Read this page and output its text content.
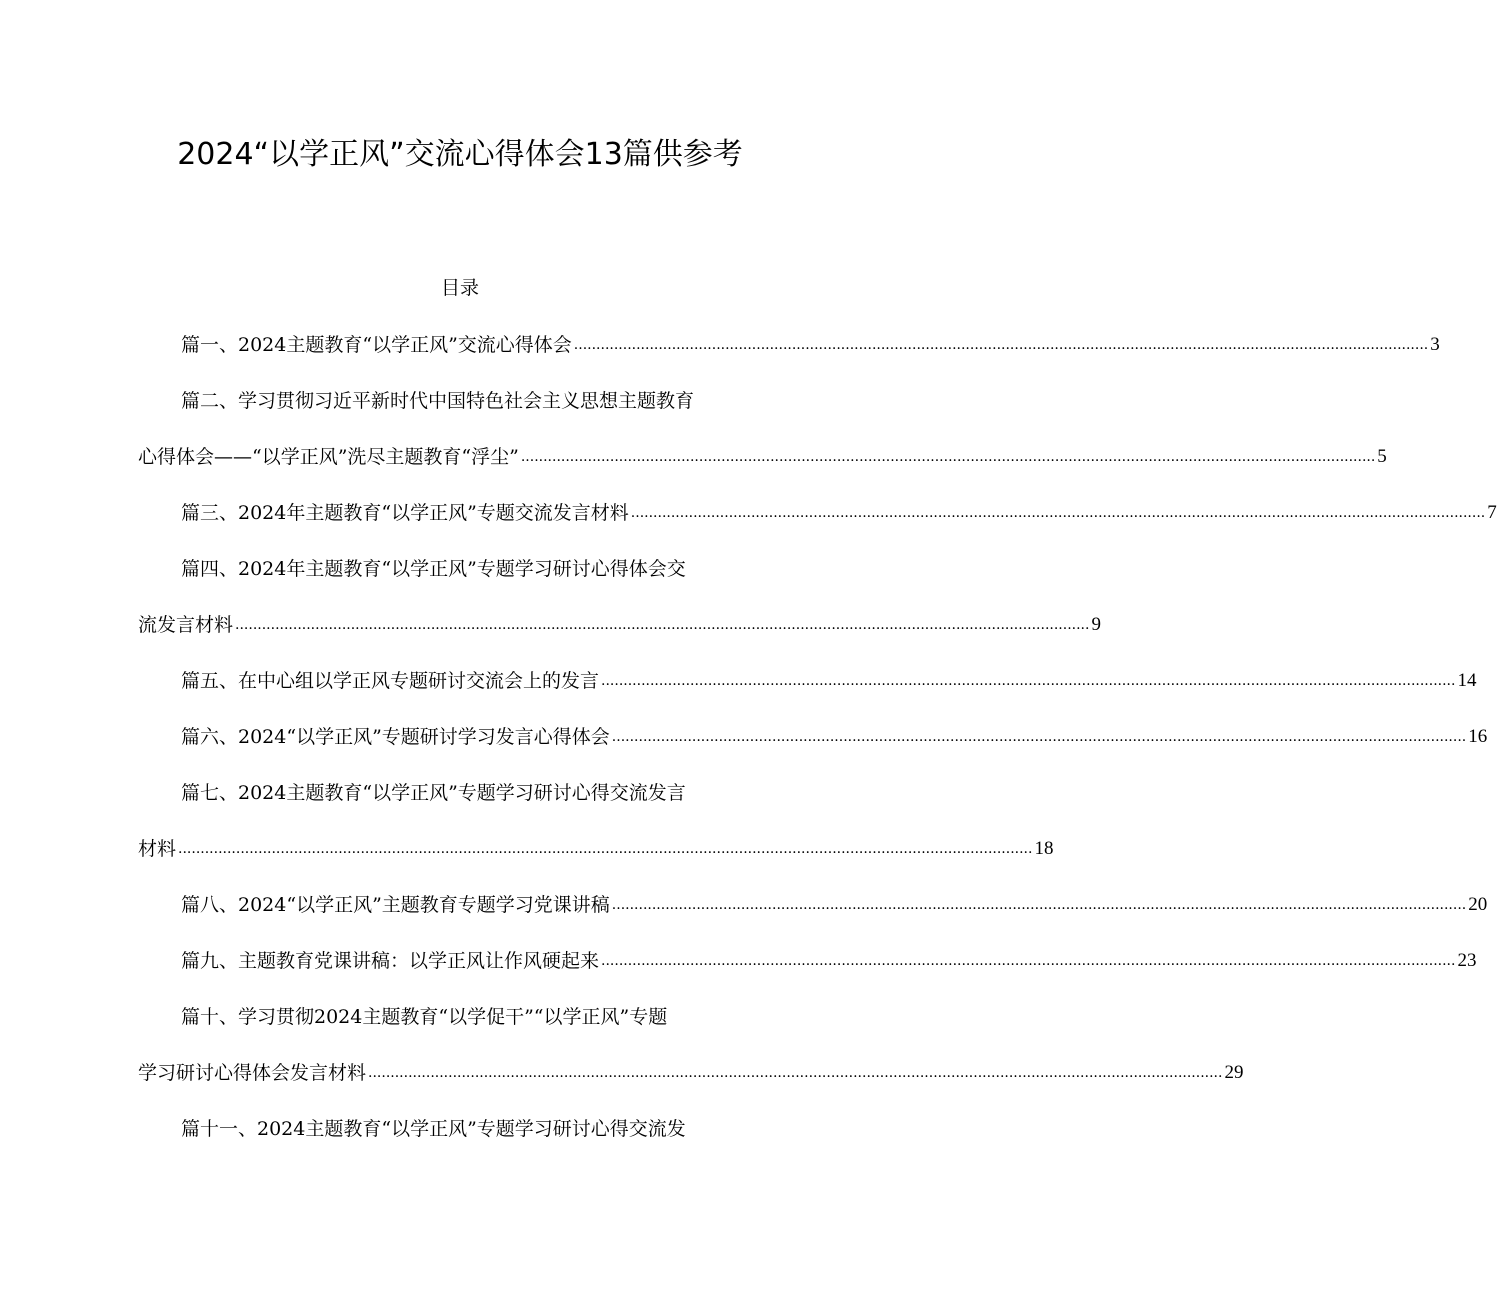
2024“以学正风”交流心得体会13篇供参考
目录
篇一、2024主题教育“以学正风”交流心得体会 ................................................................................................................................................................................................ 3
篇二、学习贯彻习近平新时代中国特色社会主义思想主题教育
心得体会——“以学正风”洗尽主题教育“浮尘” ................................................................................................................................................................................................ 5
篇三、2024年主题教育“以学正风”专题交流发言材料 ................................................................................................................................................................................................ 7
篇四、2024年主题教育“以学正风”专题学习研讨心得体会交
流发言材料 ................................................................................................................................................................................................ 9
篇五、在中心组以学正风专题研讨交流会上的发言 ................................................................................................................................................................................................ 14
篇六、2024“以学正风”专题研讨学习发言心得体会 ................................................................................................................................................................................................ 16
篇七、2024主题教育“以学正风”专题学习研讨心得交流发言
材料 ................................................................................................................................................................................................ 18
篇八、2024“以学正风”主题教育专题学习党课讲稿 ................................................................................................................................................................................................ 20
篇九、主题教育党课讲稿：以学正风让作风硬起来 ................................................................................................................................................................................................ 23
篇十、学习贯彻2024主题教育“以学促干”“以学正风”专题
学习研讨心得体会发言材料 ................................................................................................................................................................................................ 29
篇十一、2024主题教育“以学正风”专题学习研讨心得交流发
